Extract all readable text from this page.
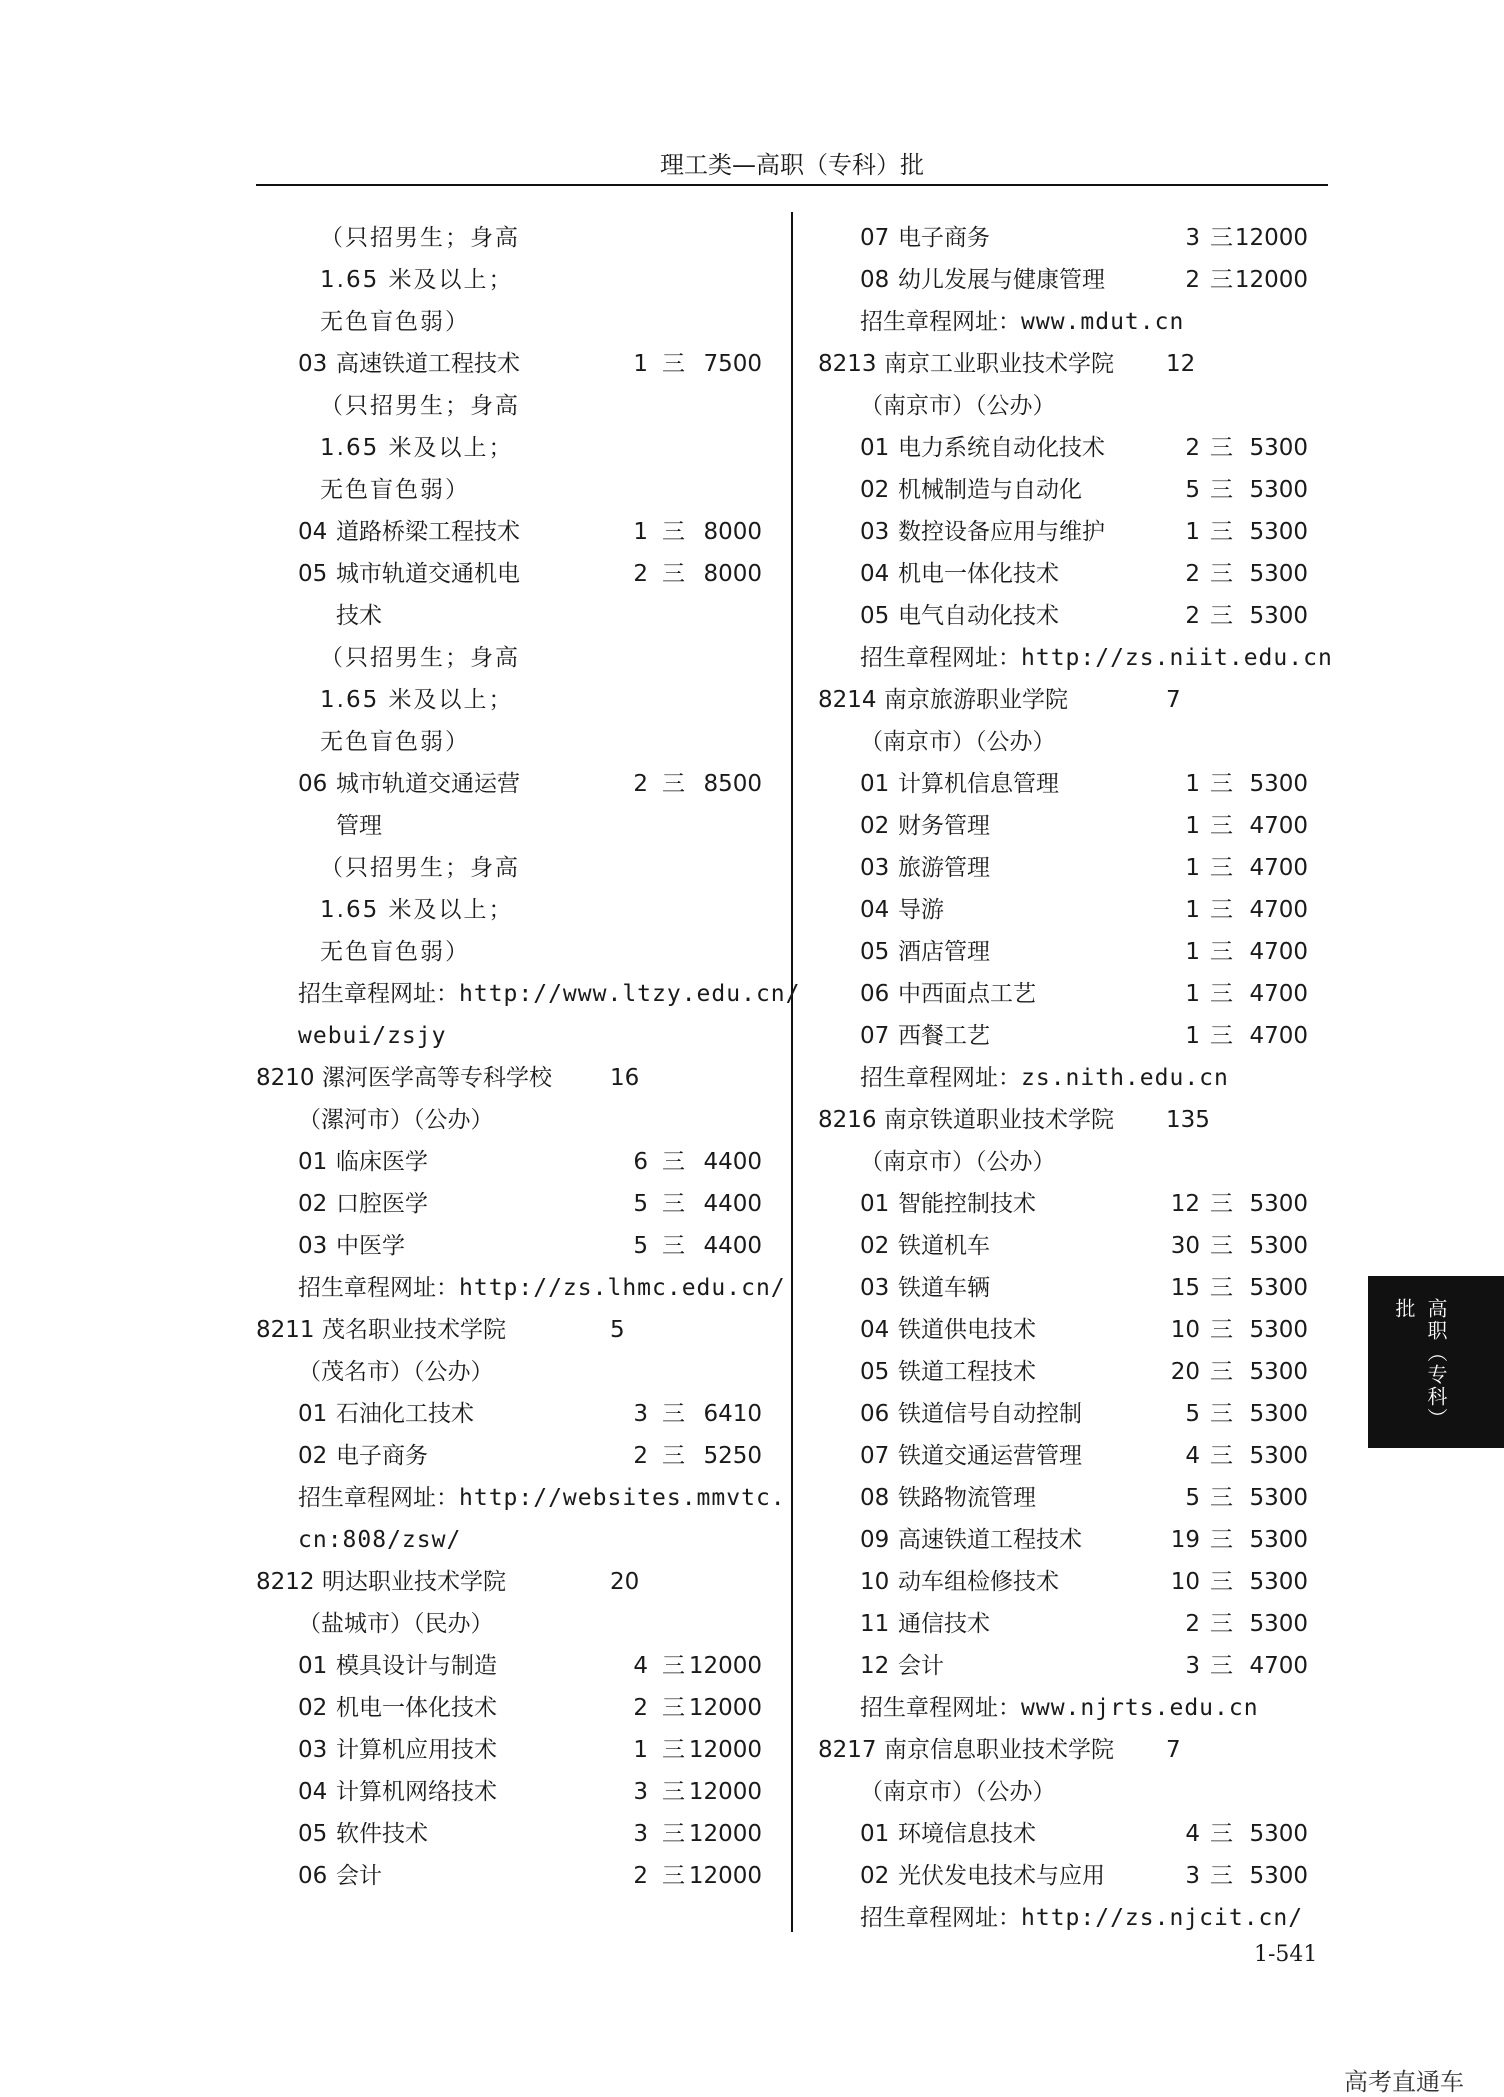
理工类—高职（专科）批
（只招男生；身高
1.65 米及以上；
无色盲色弱）
03 高速铁道工程技术	1 三 7500
（只招男生；身高
1.65 米及以上；
无色盲色弱）
04 道路桥梁工程技术	1 三 8000
05 城市轨道交通机电	2 三 8000
技术
（只招男生；身高
1.65 米及以上；
无色盲色弱）
06 城市轨道交通运营	2 三 8500
管理
（只招男生；身高
1.65 米及以上；
无色盲色弱）
招生章程网址：http://www.ltzy.edu.cn/
webui/zsjy
8210 漯河医学高等专科学校	16
（漯河市）（公办）
01 临床医学	6 三 4400
02 口腔医学	5 三 4400
03 中医学	5 三 4400
招生章程网址：http://zs.lhmc.edu.cn/
8211 茂名职业技术学院	5
（茂名市）（公办）
01 石油化工技术	3 三 6410
02 电子商务	2 三 5250
招生章程网址：http://websites.mmvtc.
cn:808/zsw/
8212 明达职业技术学院	20
（盐城市）（民办）
01 模具设计与制造	4 三 12000
02 机电一体化技术	2 三 12000
03 计算机应用技术	1 三 12000
04 计算机网络技术	3 三 12000
05 软件技术	3 三 12000
06 会计	2 三 12000
07 电子商务	3 三 12000
08 幼儿发展与健康管理	2 三 12000
招生章程网址：www.mdut.cn
8213 南京工业职业技术学院 12
（南京市）（公办）
01 电力系统自动化技术	2 三 5300
02 机械制造与自动化	5 三 5300
03 数控设备应用与维护	1 三 5300
04 机电一体化技术	2 三 5300
05 电气自动化技术	2 三 5300
招生章程网址：http://zs.niit.edu.cn
8214 南京旅游职业学院	7
（南京市）（公办）
01 计算机信息管理	1 三 5300
02 财务管理	1 三 4700
03 旅游管理	1 三 4700
04 导游	1 三 4700
05 酒店管理	1 三 4700
06 中西面点工艺	1 三 4700
07 西餐工艺	1 三 4700
招生章程网址：zs.nith.edu.cn
8216 南京铁道职业技术学院 135
（南京市）（公办）
01 智能控制技术	12 三 5300
02 铁道机车	30 三 5300
03 铁道车辆	15 三 5300
04 铁道供电技术	10 三 5300
05 铁道工程技术	20 三 5300
06 铁道信号自动控制	5 三 5300
07 铁道交通运营管理	4 三 5300
08 铁路物流管理	5 三 5300
09 高速铁道工程技术	19 三 5300
10 动车组检修技术	10 三 5300
11 通信技术	2 三 5300
12 会计	3 三 4700
招生章程网址：www.njrts.edu.cn
8217 南京信息职业技术学院 7
（南京市）（公办）
01 环境信息技术	4 三 5300
02 光伏发电技术与应用	3 三 5300
招生章程网址：http://zs.njcit.cn/
高职（专科）批
1-541
高考直通车
